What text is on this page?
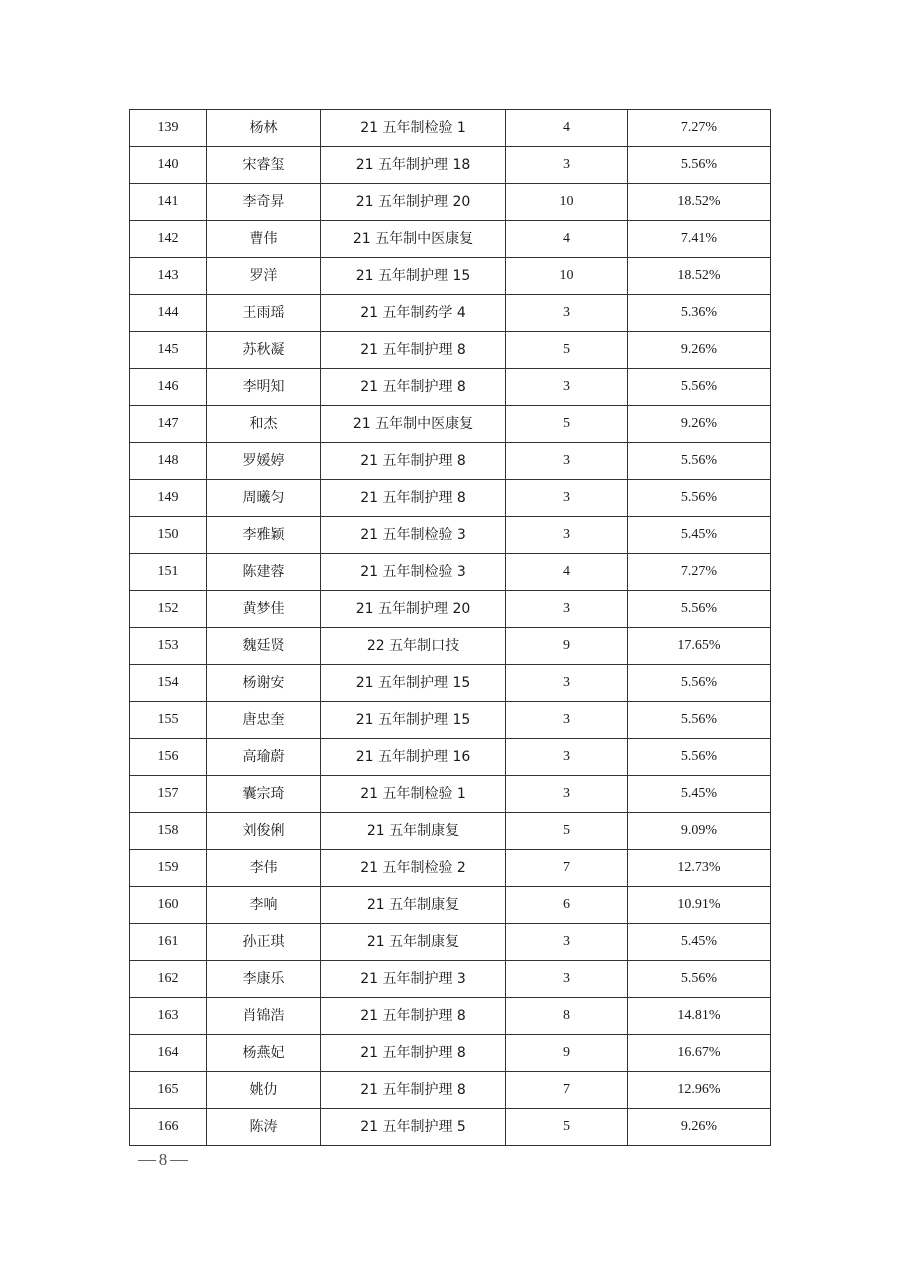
139	杨林	21 五年制检验 1	4	7.27%
140	宋睿玺	21 五年制护理 18	3	5.56%
141	李奇昇	21 五年制护理 20	10	18.52%
142	曹伟	21 五年制中医康复	4	7.41%
143	罗洋	21 五年制护理 15	10	18.52%
144	王雨瑶	21 五年制药学 4	3	5.36%
145	苏秋凝	21 五年制护理 8	5	9.26%
146	李明知	21 五年制护理 8	3	5.56%
147	和杰	21 五年制中医康复	5	9.26%
148	罗媛婷	21 五年制护理 8	3	5.56%
149	周曦匀	21 五年制护理 8	3	5.56%
150	李雅颖	21 五年制检验 3	3	5.45%
151	陈建蓉	21 五年制检验 3	4	7.27%
152	黄梦佳	21 五年制护理 20	3	5.56%
153	魏廷贤	22 五年制口技	9	17.65%
154	杨谢安	21 五年制护理 15	3	5.56%
155	唐忠奎	21 五年制护理 15	3	5.56%
156	高瑜蔚	21 五年制护理 16	3	5.56%
157	囊宗琦	21 五年制检验 1	3	5.45%
158	刘俊俐	21 五年制康复	5	9.09%
159	李伟	21 五年制检验 2	7	12.73%
160	李响	21 五年制康复	6	10.91%
161	孙正琪	21 五年制康复	3	5.45%
162	李康乐	21 五年制护理 3	3	5.56%
163	肖锦浩	21 五年制护理 8	8	14.81%
164	杨燕妃	21 五年制护理 8	9	16.67%
165	姚仂	21 五年制护理 8	7	12.96%
166	陈涛	21 五年制护理 5	5	9.26%
8
